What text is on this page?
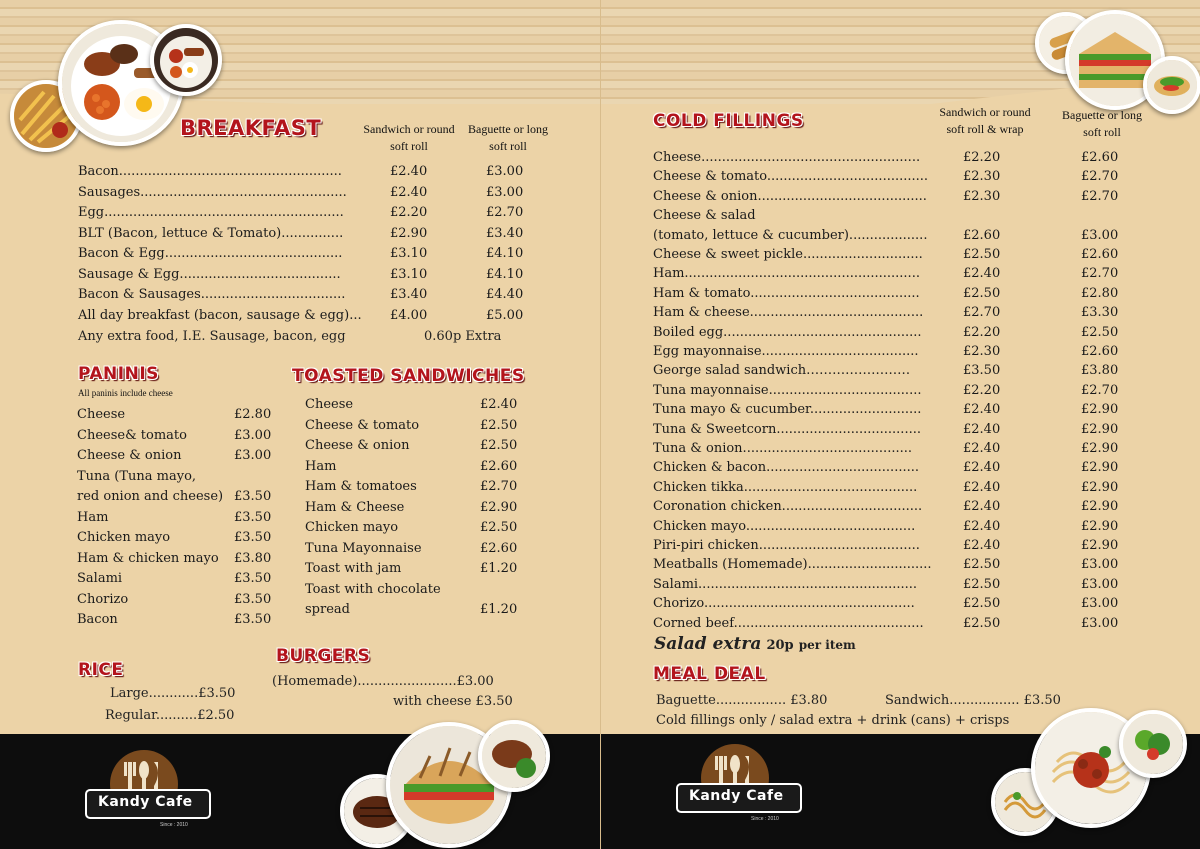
BREAKFAST	Sandwich or round
soft roll
Baguette or long
soft roll
Bacon......................................................	£2.40	£3.00
Sausages..................................................	£2.40	£3.00
Egg..........................................................	£2.20	£2.70
BLT (Bacon, lettuce & Tomato)...............	£2.90	£3.40
Bacon & Egg...........................................	£3.10	£4.10
Sausage & Egg.......................................	£3.10	£4.10
Bacon & Sausages...................................	£3.40	£4.40
All day breakfast (bacon, sausage & egg)... £4.00	£5.00
Any extra food, I.E. Sausage, bacon, egg	0.60p Extra
PANINIS
All paninis include cheese
Cheese	£2.80
Cheese& tomato	£3.00
Cheese & onion	£3.00
Tuna (Tuna mayo,
red onion and cheese) £3.50
Ham	£3.50
Chicken mayo	£3.50
Ham & chicken mayo £3.80
Salami	£3.50
Chorizo	£3.50
Bacon	£3.50
TOASTED SANDWICHES
Cheese	£2.40
Cheese & tomato	£2.50
Cheese & onion	£2.50
Ham	£2.60
Ham & tomatoes	£2.70
Ham & Cheese	£2.90
Chicken mayo	£2.50
Tuna Mayonnaise	£2.60
Toast with jam	£1.20
Toast with chocolate
spread	£1.20
RICE
Large............£3.50
Regular..........£2.50
BURGERS
(Homemade)........................£3.00
with cheese £3.50
Kandy Cafe
Since : 2010
COLD FILLINGS	Sandwich or round
soft roll & wrap
Baguette or long
soft roll
Cheese.....................................................	£2.20	£2.60
Cheese & tomato.......................................	£2.30	£2.70
Cheese & onion.........................................	£2.30	£2.70
Cheese & salad
(tomato, lettuce & cucumber)...................	£2.60	£3.00
Cheese & sweet pickle.............................	£2.50	£2.60
Ham.........................................................	£2.40	£2.70
Ham & tomato.........................................	£2.50	£2.80
Ham & cheese..........................................	£2.70	£3.30
Boiled egg................................................	£2.20	£2.50
Egg mayonnaise......................................	£2.30	£2.60
George salad sandwich……………………	£3.50	£3.80
Tuna mayonnaise.....................................	£2.20	£2.70
Tuna mayo & cucumber...........................	£2.40	£2.90
Tuna & Sweetcorn...................................	£2.40	£2.90
Tuna & onion.........................................	£2.40	£2.90
Chicken & bacon.....................................	£2.40	£2.90
Chicken tikka..........................................	£2.40	£2.90
Coronation chicken..................................	£2.40	£2.90
Chicken mayo.........................................	£2.40	£2.90
Piri-piri chicken.......................................	£2.40	£2.90
Meatballs (Homemade)..............................	£2.50	£3.00
Salami.....................................................	£2.50	£3.00
Chorizo...................................................	£2.50	£3.00
Corned beef..............................................	£2.50	£3.00
Salad extra 20p per item
MEAL DEAL
Baguette................. £3.80	Sandwich................. £3.50
Cold fillings only / salad extra + drink (cans) + crisps
Kandy Cafe
Since : 2010
